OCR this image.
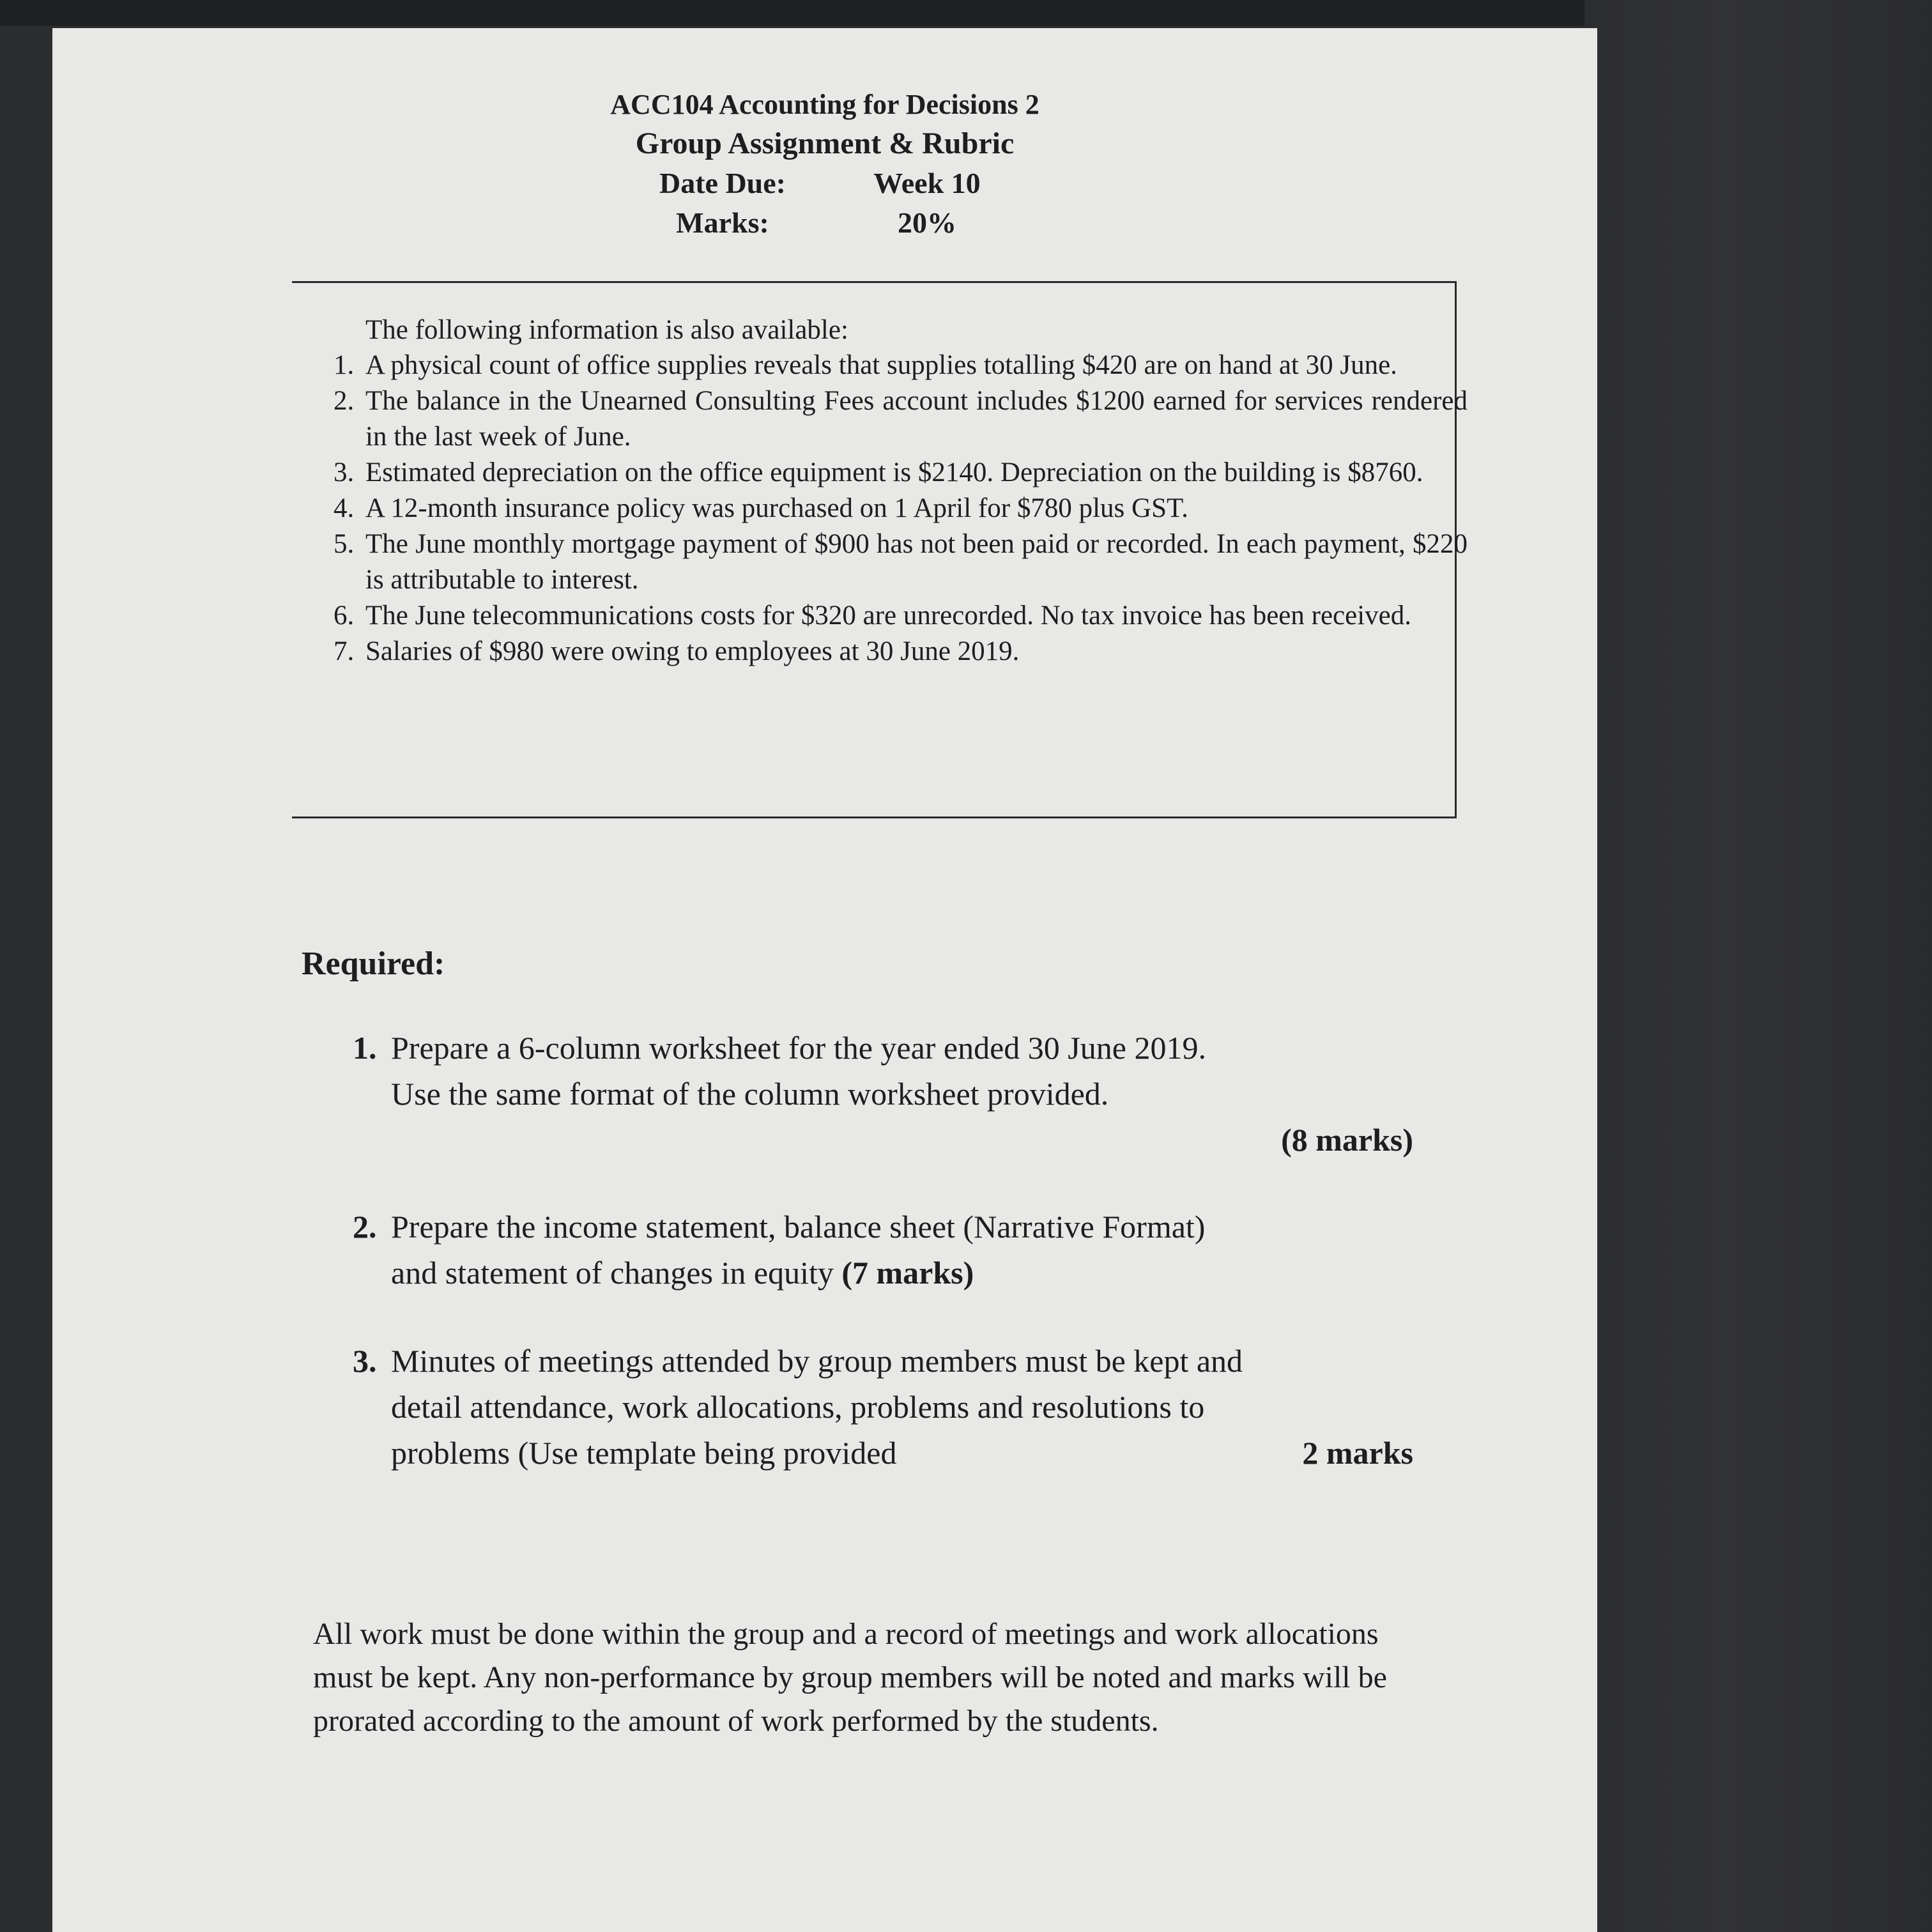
ACC104 Accounting for Decisions 2
Group Assignment & Rubric
Date Due:	Week 10
Marks:	20%
The following information is also available:
1. A physical count of office supplies reveals that supplies totalling $420 are on hand at 30 June.
2. The balance in the Unearned Consulting Fees account includes $1200 earned for services rendered in the last week of June.
3. Estimated depreciation on the office equipment is $2140. Depreciation on the building is $8760.
4. A 12-month insurance policy was purchased on 1 April for $780 plus GST.
5. The June monthly mortgage payment of $900 has not been paid or recorded. In each payment, $220 is attributable to interest.
6. The June telecommunications costs for $320 are unrecorded. No tax invoice has been received.
7. Salaries of $980 were owing to employees at 30 June 2019.
Required:
1. Prepare a 6-column worksheet for the year ended 30 June 2019.
Use the same format of the column worksheet provided.
(8 marks)
2. Prepare the income statement, balance sheet (Narrative Format)
and statement of changes in equity (7 marks)
3. Minutes of meetings attended by group members must be kept and
detail attendance, work allocations, problems and resolutions to
problems (Use template being provided	2 marks
All work must be done within the group and a record of meetings and work allocations must be kept. Any non-performance by group members will be noted and marks will be prorated according to the amount of work performed by the students.
